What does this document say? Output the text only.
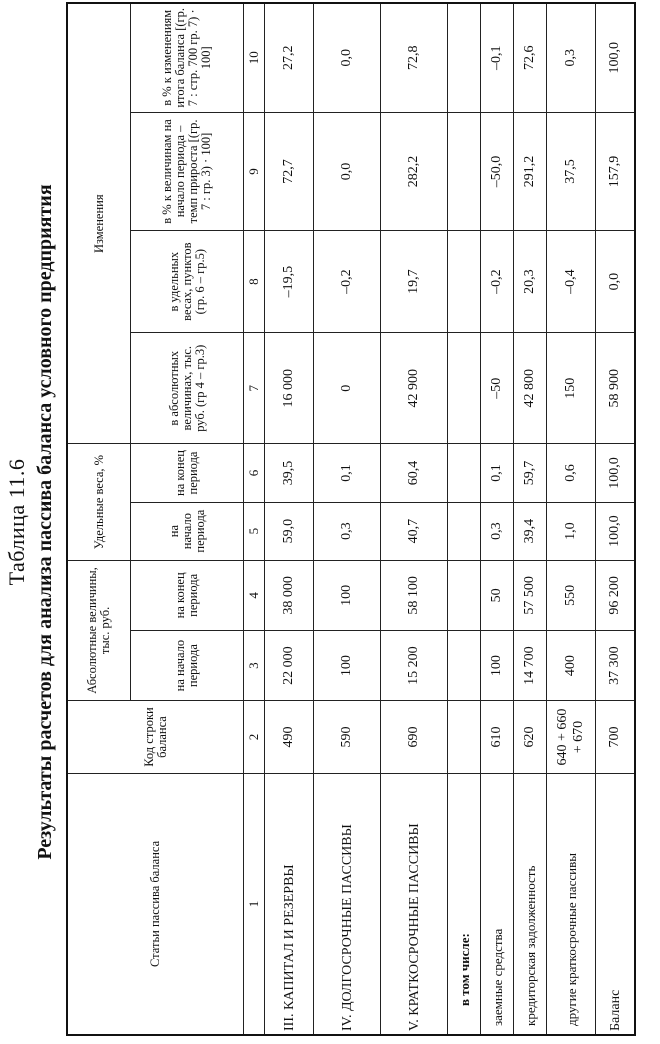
Таблица 11.6 Результаты расчетов для анализа пассива баланса условного предприятия
Статьи пассива баланса	Код строки баланса	Абсолютные величины, тыс. руб.		Удельные веса, %		Изменения			
		на начало периода	на конец периода	на начало периода	на конец периода	в абсолютных величинах, тыс. руб. (гр 4 – гр.3)	в удельных весах, пунктов (гр. 6 – гр.5)	в % к величинам на начало периода – темп прироста [(гр. 7 : гр. 3) · 100]	в % к изменениям итога баланса [(гр. 7 : стр. 700 гр. 7) · 100]
1	2	3	4	5	6	7	8	9	10
III. КАПИТАЛ И РЕЗЕРВЫ	490	22 000	38 000	59,0	39,5	16 000	–19,5	72,7	27,2
IV. ДОЛГОСРОЧНЫЕ ПАССИВЫ	590	100	100	0,3	0,1	0	–0,2	0,0	0,0
V. КРАТКОСРОЧНЫЕ ПАССИВЫ	690	15 200	58 100	40,7	60,4	42 900	19,7	282,2	72,8
в том числе:									
заемные средства	610	100	50	0,3	0,1	–50	–0,2	–50,0	–0,1
кредиторская задолженность	620	14 700	57 500	39,4	59,7	42 800	20,3	291,2	72,6
другие краткосрочные пассивы	640 + 660 + 670	400	550	1,0	0,6	150	–0,4	37,5	0,3
Баланс	700	37 300	96 200	100,0	100,0	58 900	0,0	157,9	100,0
